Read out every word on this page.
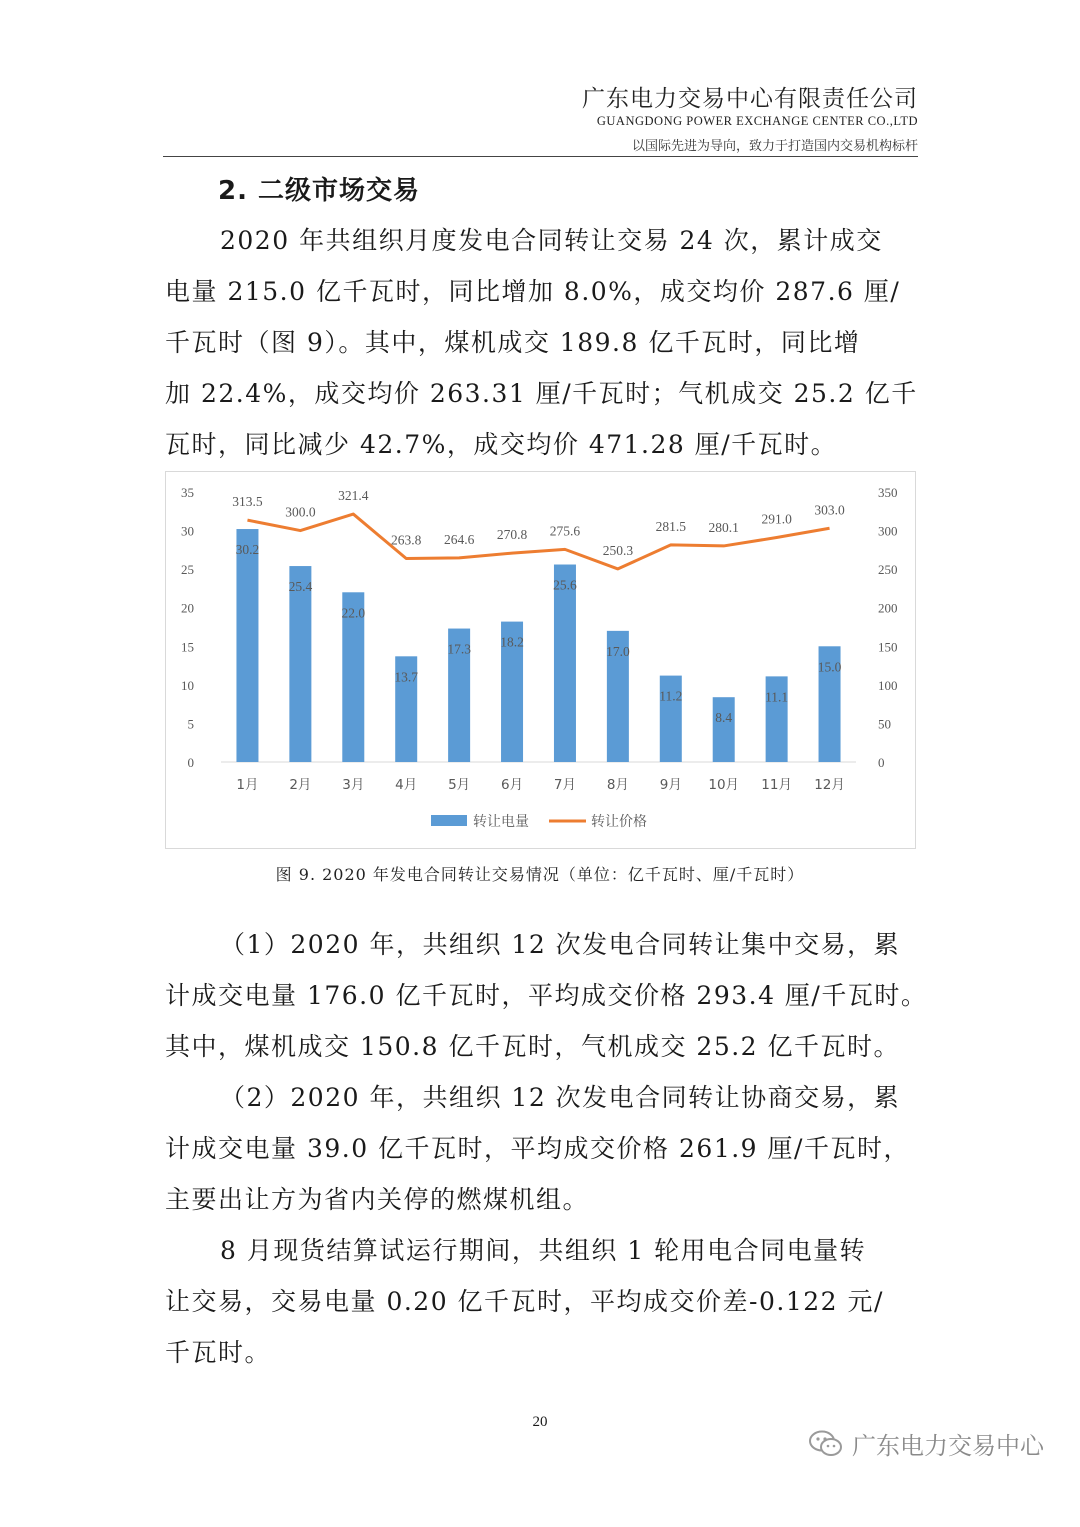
广东电力交易中心有限责任公司
GUANGDONG POWER EXCHANGE CENTER CO.,LTD
以国际先进为导向，致力于打造国内交易机构标杆
2. 二级市场交易
2020 年共组织月度发电合同转让交易 24 次，累计成交
电量 215.0 亿千瓦时，同比增加 8.0%，成交均价 287.6 厘/
千瓦时（图 9）。其中，煤机成交 189.8 亿千瓦时，同比增
加 22.4%，成交均价 263.31 厘/千瓦时；气机成交 25.2 亿千
瓦时，同比减少 42.7%，成交均价 471.28 厘/千瓦时。
0
5
10
15
20
25
30
35
0
50
100
150
200
250
300
350
30.2
25.4
22.0
13.7
17.3 18.2
25.6
17.0
11.2
8.4
11.1
15.0
313.5
300.0
321.4
263.8 264.6 270.8 275.6
250.3
281.5 280.1
291.0
303.0
1月 2月 3月 4月 5月 6月 7月 8月 9月 10月 11月 12月
转让电量	转让价格
图 9. 2020 年发电合同转让交易情况（单位：亿千瓦时、厘/千瓦时）
（1）2020 年，共组织 12 次发电合同转让集中交易，累
计成交电量 176.0 亿千瓦时，平均成交价格 293.4 厘/千瓦时。
其中，煤机成交 150.8 亿千瓦时，气机成交 25.2 亿千瓦时。
（2）2020 年，共组织 12 次发电合同转让协商交易，累
计成交电量 39.0 亿千瓦时，平均成交价格 261.9 厘/千瓦时，
主要出让方为省内关停的燃煤机组。
8 月现货结算试运行期间，共组织 1 轮用电合同电量转
让交易，交易电量 0.20 亿千瓦时，平均成交价差-0.122 元/
千瓦时。
20
广东电力交易中心
